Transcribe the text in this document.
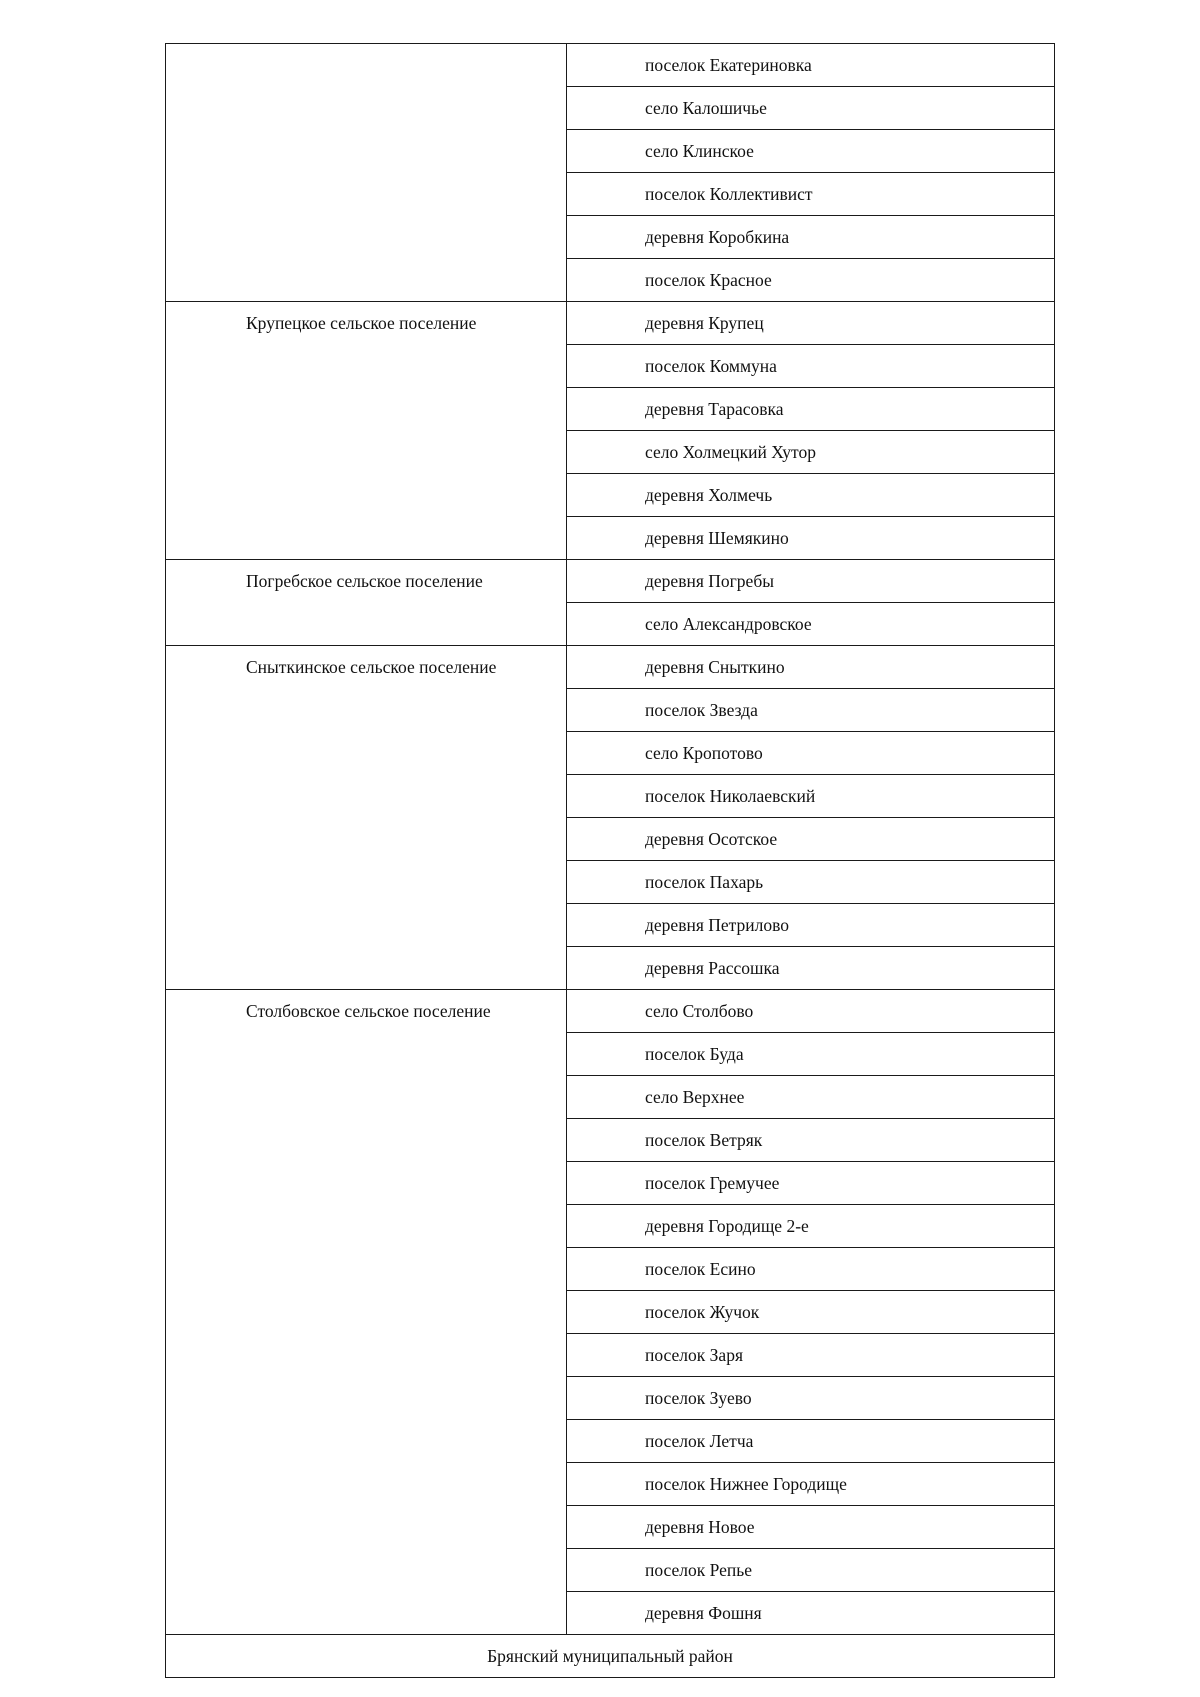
	поселок Екатериновка
	село Калошичье
	село Клинское
	поселок Коллективист
	деревня Коробкина
	поселок Красное
Крупецкое сельское поселение	деревня Крупец
	поселок Коммуна
	деревня Тарасовка
	село Холмецкий Хутор
	деревня Холмечь
	деревня Шемякино
Погребское сельское поселение	деревня Погребы
	село Александровское
Сныткинское сельское поселение	деревня Сныткино
	поселок Звезда
	село Кропотово
	поселок Николаевский
	деревня Осотское
	поселок Пахарь
	деревня Петрилово
	деревня Рассошка
Столбовское сельское поселение	село Столбово
	поселок Буда
	село Верхнее
	поселок Ветряк
	поселок Гремучее
	деревня Городище 2-е
	поселок Есино
	поселок Жучок
	поселок Заря
	поселок Зуево
	поселок Летча
	поселок Нижнее Городище
	деревня Новое
	поселок Репье
	деревня Фошня
Брянский муниципальный район	
